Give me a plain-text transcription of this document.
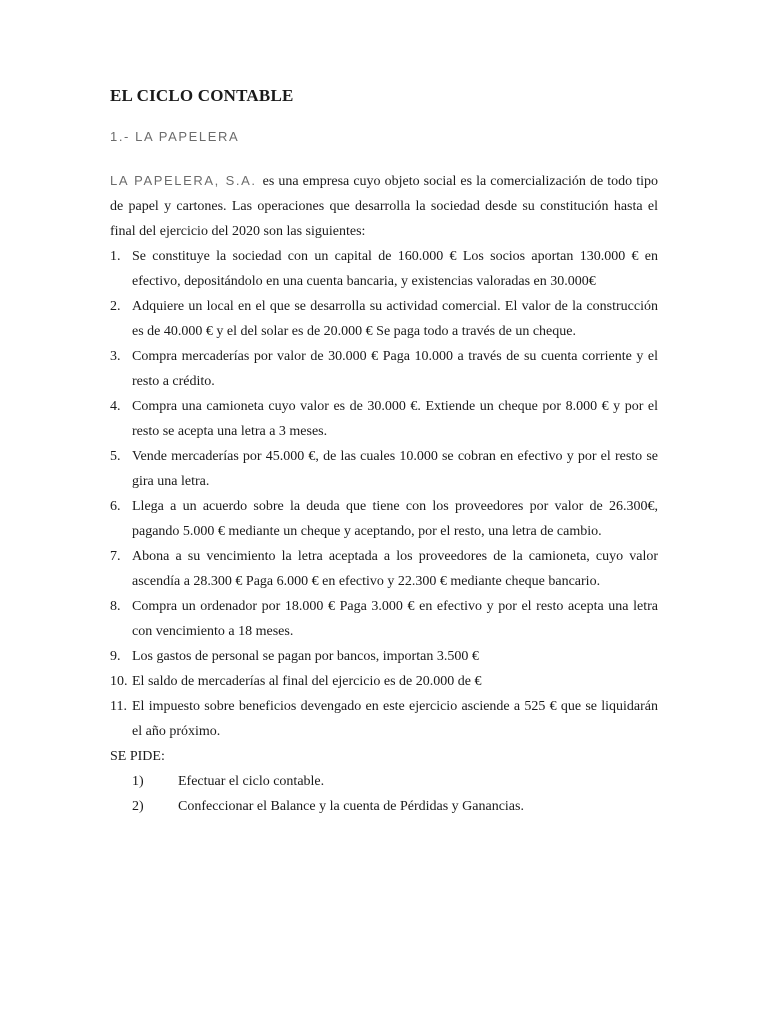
EL CICLO CONTABLE
1.- LA PAPELERA

LA PAPELERA, S.A. es una empresa cuyo objeto social es la comercialización de todo tipo de papel y cartones. Las operaciones que desarrolla la sociedad desde su constitución hasta el final del ejercicio del 2020 son las siguientes:

1. Se constituye la sociedad con un capital de 160.000 € Los socios aportan 130.000 € en efectivo, depositándolo en una cuenta bancaria, y existencias valoradas en 30.000€
2. Adquiere un local en el que se desarrolla su actividad comercial. El valor de la construcción es de 40.000 € y el del solar es de 20.000 € Se paga todo a través de un cheque.
3. Compra mercaderías por valor de 30.000 € Paga 10.000 a través de su cuenta corriente y el resto a crédito.
4. Compra una camioneta cuyo valor es de 30.000 €. Extiende un cheque por 8.000 € y por el resto se acepta una letra a 3 meses.
5. Vende mercaderías por 45.000 €, de las cuales 10.000 se cobran en efectivo y por el resto se gira una letra.
6. Llega a un acuerdo sobre la deuda que tiene con los proveedores por valor de 26.300€, pagando 5.000 € mediante un cheque y aceptando, por el resto, una letra de cambio.
7. Abona a su vencimiento la letra aceptada a los proveedores de la camioneta, cuyo valor ascendía a 28.300 € Paga 6.000 € en efectivo y 22.300 € mediante cheque bancario.
8. Compra un ordenador por 18.000 € Paga 3.000 € en efectivo y por el resto acepta una letra con vencimiento a 18 meses.
9. Los gastos de personal se pagan por bancos, importan 3.500 €
10. El saldo de mercaderías al final del ejercicio es de 20.000 de €
11. El impuesto sobre beneficios devengado en este ejercicio asciende a 525 € que se liquidarán el año próximo.

SE PIDE:

1) Efectuar el ciclo contable.
2) Confeccionar el Balance y la cuenta de Pérdidas y Ganancias.
